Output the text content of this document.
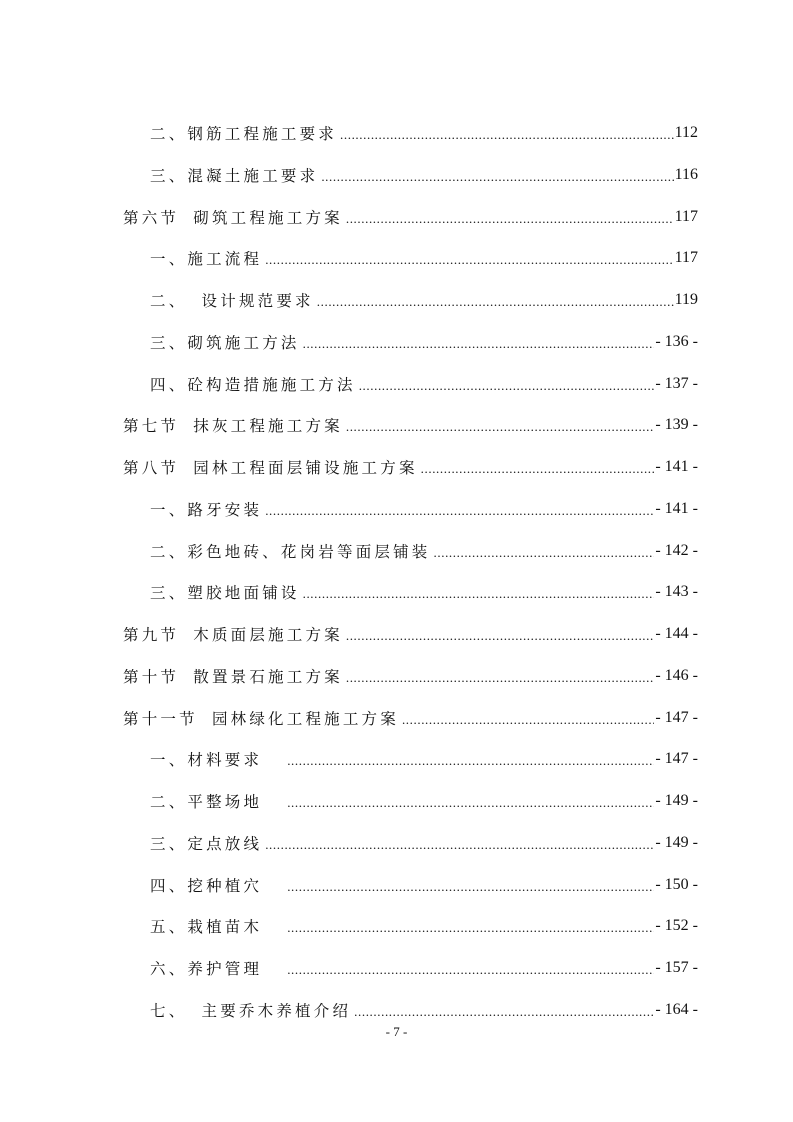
二、钢筋工程施工要求 .....	112
三、混凝土施工要求 .....	116
第六节  砌筑工程施工方案 .....	117
一、施工流程 .....	117
二、  设计规范要求 .....	119
三、砌筑施工方法 .....	- 136 -
四、砼构造措施施工方法 .....	- 137 -
第七节  抹灰工程施工方案 .....	- 139 -
第八节  园林工程面层铺设施工方案 .....	- 141 -
一、路牙安装 .....	- 141 -
二、彩色地砖、花岗岩等面层铺装 .....	- 142 -
三、塑胶地面铺设 .....	- 143 -
第九节  木质面层施工方案 .....	- 144 -
第十节  散置景石施工方案 .....	- 146 -
第十一节  园林绿化工程施工方案 .....	- 147 -
一、材料要求 .....	- 147 -
二、平整场地 .....	- 149 -
三、定点放线 .....	- 149 -
四、挖种植穴 .....	- 150 -
五、栽植苗木 .....	- 152 -
六、养护管理 .....	- 157 -
七、  主要乔木养植介绍 .....	- 164 -
- 7 -
